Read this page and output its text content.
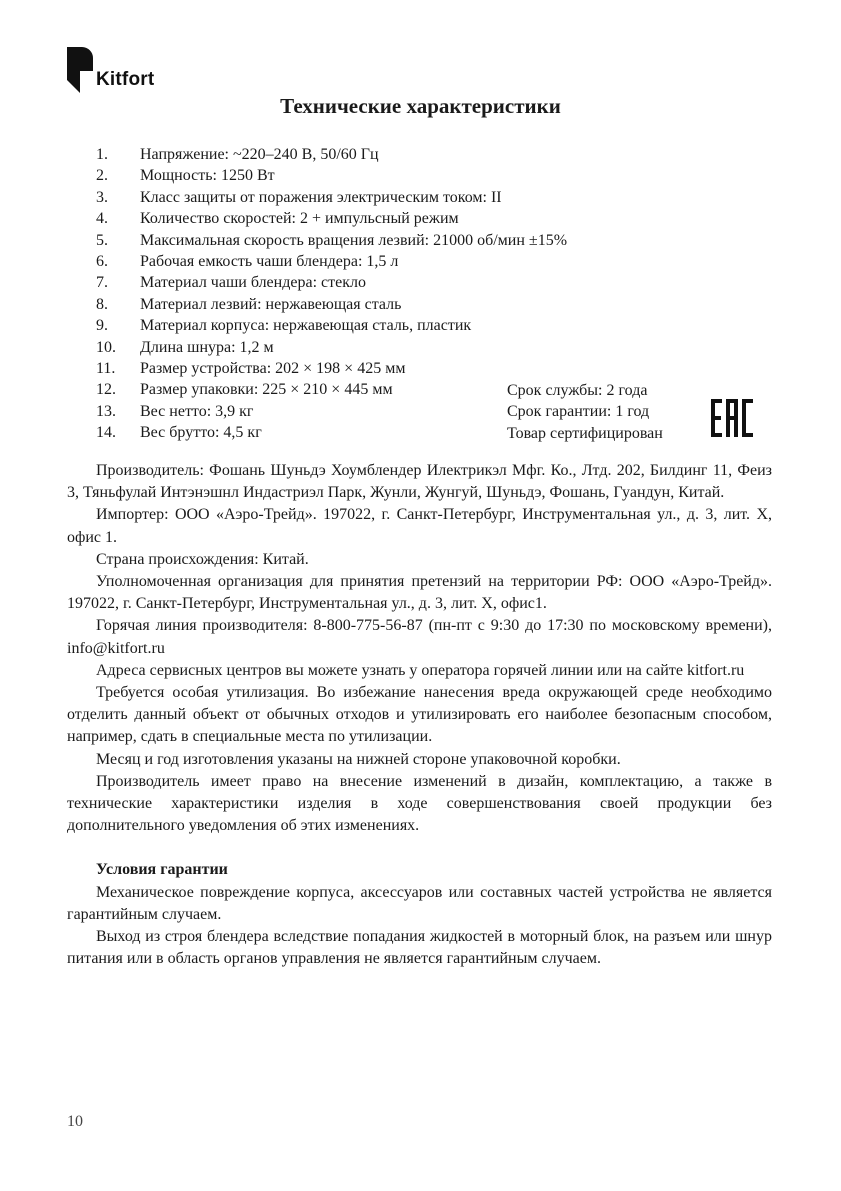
Kitfort
Технические характеристики
1.	Напряжение: ~220–240 В, 50/60 Гц
2.	Мощность: 1250 Вт
3.	Класс защиты от поражения электрическим током: II
4.	Количество скоростей: 2 + импульсный режим
5.	Максимальная скорость вращения лезвий: 21000 об/мин ±15%
6.	Рабочая емкость чаши блендера: 1,5 л
7.	Материал чаши блендера: стекло
8.	Материал лезвий: нержавеющая сталь
9.	Материал корпуса: нержавеющая сталь, пластик
10.	Длина шнура: 1,2 м
11.	Размер устройства: 202 × 198 × 425 мм
12.	Размер упаковки: 225 × 210 × 445 мм
13.	Вес нетто: 3,9 кг
14.	Вес брутто: 4,5 кг
Срок службы: 2 года
Срок гарантии: 1 год
Товар сертифицирован

Производитель: Фошань Шуньдэ Хоумблендер Илектрикэл Мфг. Ко., Лтд. 202, Билдинг 11, Феиз 3, Тяньфулай Интэнэшнл Индастриэл Парк, Жунли, Жунгуй, Шуньдэ, Фошань, Гуандун, Китай.

Импортер: ООО «Аэро-Трейд». 197022, г. Санкт-Петербург, Инструментальная ул., д. 3, лит. Х, офис 1.

Страна происхождения: Китай.

Уполномоченная организация для принятия претензий на территории РФ: ООО «Аэро-Трейд». 197022, г. Санкт-Петербург, Инструментальная ул., д. 3, лит. Х, офис1.

Горячая линия производителя: 8-800-775-56-87 (пн-пт с 9:30 до 17:30 по московскому времени), info@kitfort.ru

Адреса сервисных центров вы можете узнать у оператора горячей линии или на сайте kitfort.ru

Требуется особая утилизация. Во избежание нанесения вреда окружающей среде необходимо отделить данный объект от обычных отходов и утилизировать его наиболее безопасным способом, например, сдать в специальные места по утилизации.

Месяц и год изготовления указаны на нижней стороне упаковочной коробки.

Производитель имеет право на внесение изменений в дизайн, комплектацию, а также в технические характеристики изделия в ходе совершенствования своей продукции без дополнительного уведомления об этих изменениях.

Условия гарантии

Механическое повреждение корпуса, аксессуаров или составных частей устройства не является гарантийным случаем.

Выход из строя блендера вследствие попадания жидкостей в моторный блок, на разъем или шнур питания или в область органов управления не является гарантийным случаем.

10
